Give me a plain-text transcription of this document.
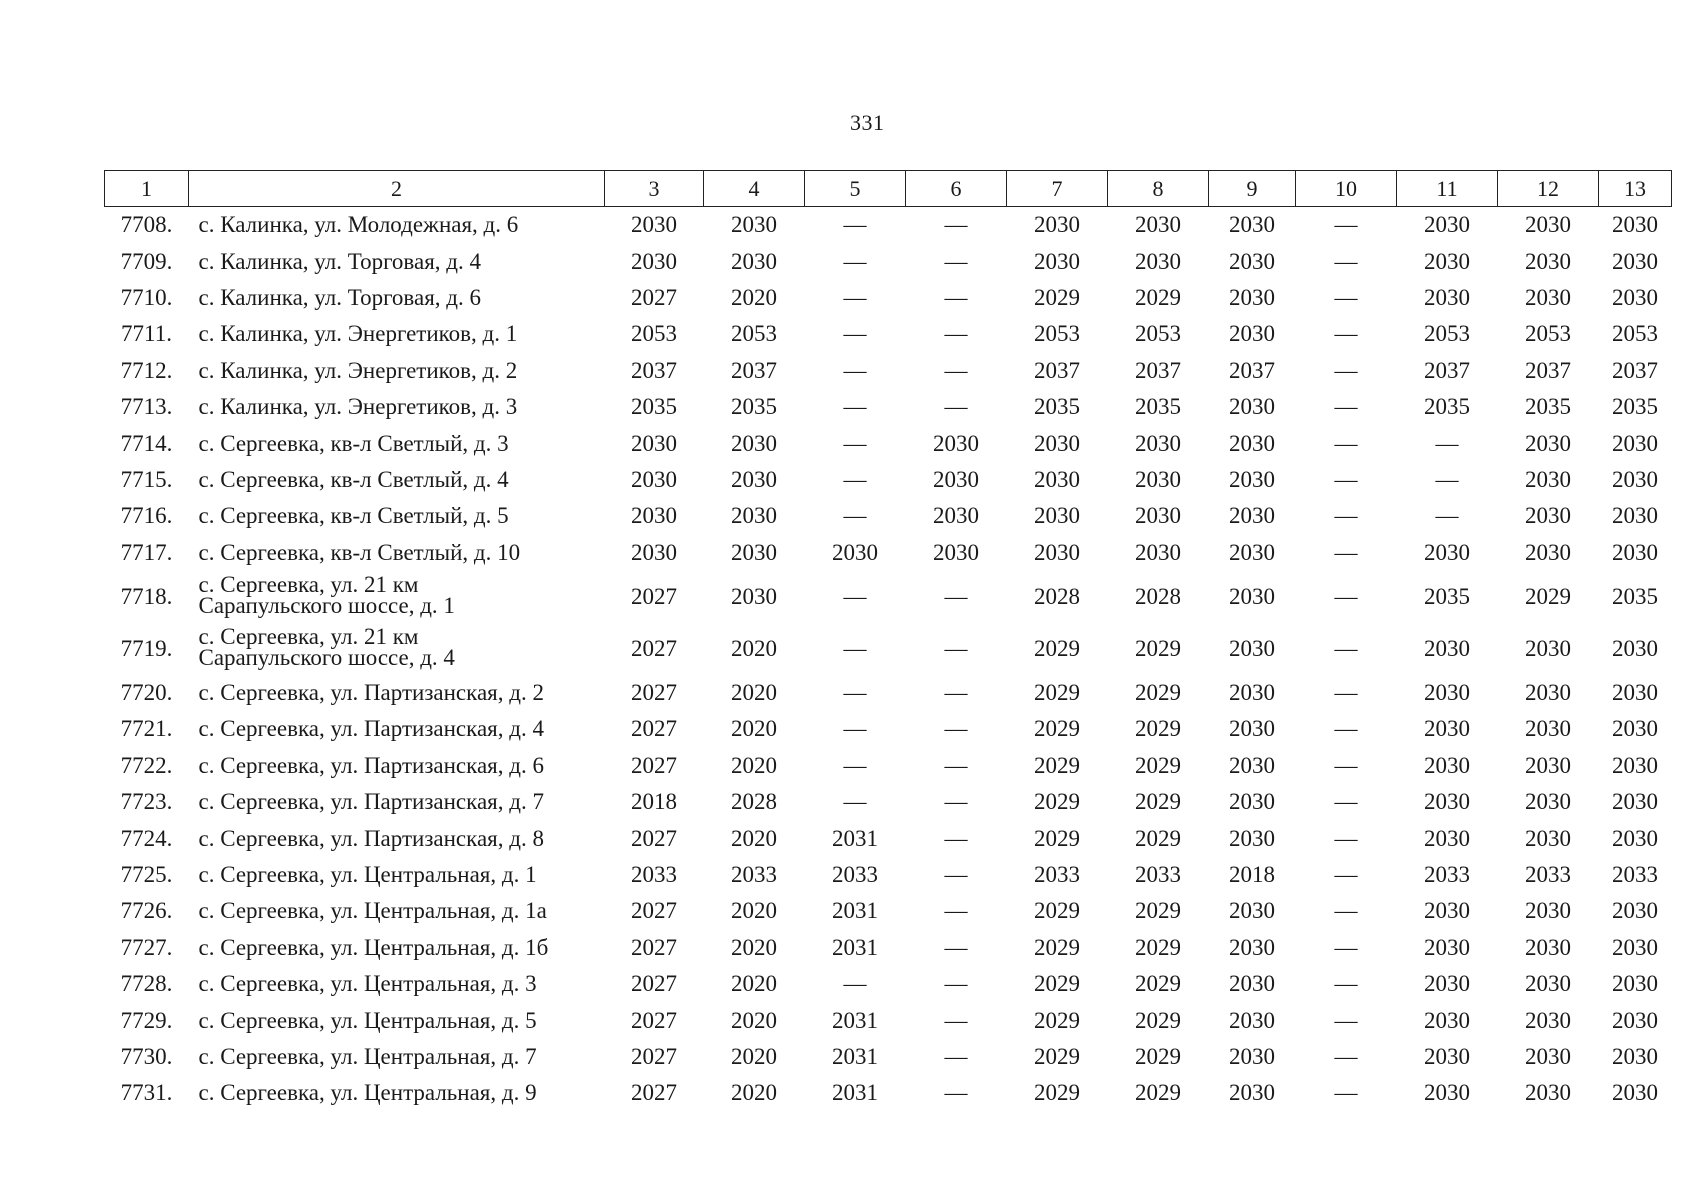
331
1	2	3	4	5	6	7	8	9	10	11	12	13
7708.	с. Калинка, ул. Молодежная, д. 6	2030	2030	—	—	2030	2030	2030	—	2030	2030	2030
7709.	с. Калинка, ул. Торговая, д. 4	2030	2030	—	—	2030	2030	2030	—	2030	2030	2030
7710.	с. Калинка, ул. Торговая, д. 6	2027	2020	—	—	2029	2029	2030	—	2030	2030	2030
7711.	с. Калинка, ул. Энергетиков, д. 1	2053	2053	—	—	2053	2053	2030	—	2053	2053	2053
7712.	с. Калинка, ул. Энергетиков, д. 2	2037	2037	—	—	2037	2037	2037	—	2037	2037	2037
7713.	с. Калинка, ул. Энергетиков, д. 3	2035	2035	—	—	2035	2035	2030	—	2035	2035	2035
7714.	с. Сергеевка, кв-л Светлый, д. 3	2030	2030	—	2030	2030	2030	2030	—	—	2030	2030
7715.	с. Сергеевка, кв-л Светлый, д. 4	2030	2030	—	2030	2030	2030	2030	—	—	2030	2030
7716.	с. Сергеевка, кв-л Светлый, д. 5	2030	2030	—	2030	2030	2030	2030	—	—	2030	2030
7717.	с. Сергеевка, кв-л Светлый, д. 10	2030	2030	2030	2030	2030	2030	2030	—	2030	2030	2030
7718.	с. Сергеевка, ул. 21 км Сарапульского шоссе, д. 1	2027	2030	—	—	2028	2028	2030	—	2035	2029	2035
7719.	с. Сергеевка, ул. 21 км Сарапульского шоссе, д. 4	2027	2020	—	—	2029	2029	2030	—	2030	2030	2030
7720.	с. Сергеевка, ул. Партизанская, д. 2	2027	2020	—	—	2029	2029	2030	—	2030	2030	2030
7721.	с. Сергеевка, ул. Партизанская, д. 4	2027	2020	—	—	2029	2029	2030	—	2030	2030	2030
7722.	с. Сергеевка, ул. Партизанская, д. 6	2027	2020	—	—	2029	2029	2030	—	2030	2030	2030
7723.	с. Сергеевка, ул. Партизанская, д. 7	2018	2028	—	—	2029	2029	2030	—	2030	2030	2030
7724.	с. Сергеевка, ул. Партизанская, д. 8	2027	2020	2031	—	2029	2029	2030	—	2030	2030	2030
7725.	с. Сергеевка, ул. Центральная, д. 1	2033	2033	2033	—	2033	2033	2018	—	2033	2033	2033
7726.	с. Сергеевка, ул. Центральная, д. 1а	2027	2020	2031	—	2029	2029	2030	—	2030	2030	2030
7727.	с. Сергеевка, ул. Центральная, д. 1б	2027	2020	2031	—	2029	2029	2030	—	2030	2030	2030
7728.	с. Сергеевка, ул. Центральная, д. 3	2027	2020	—	—	2029	2029	2030	—	2030	2030	2030
7729.	с. Сергеевка, ул. Центральная, д. 5	2027	2020	2031	—	2029	2029	2030	—	2030	2030	2030
7730.	с. Сергеевка, ул. Центральная, д. 7	2027	2020	2031	—	2029	2029	2030	—	2030	2030	2030
7731.	с. Сергеевка, ул. Центральная, д. 9	2027	2020	2031	—	2029	2029	2030	—	2030	2030	2030
